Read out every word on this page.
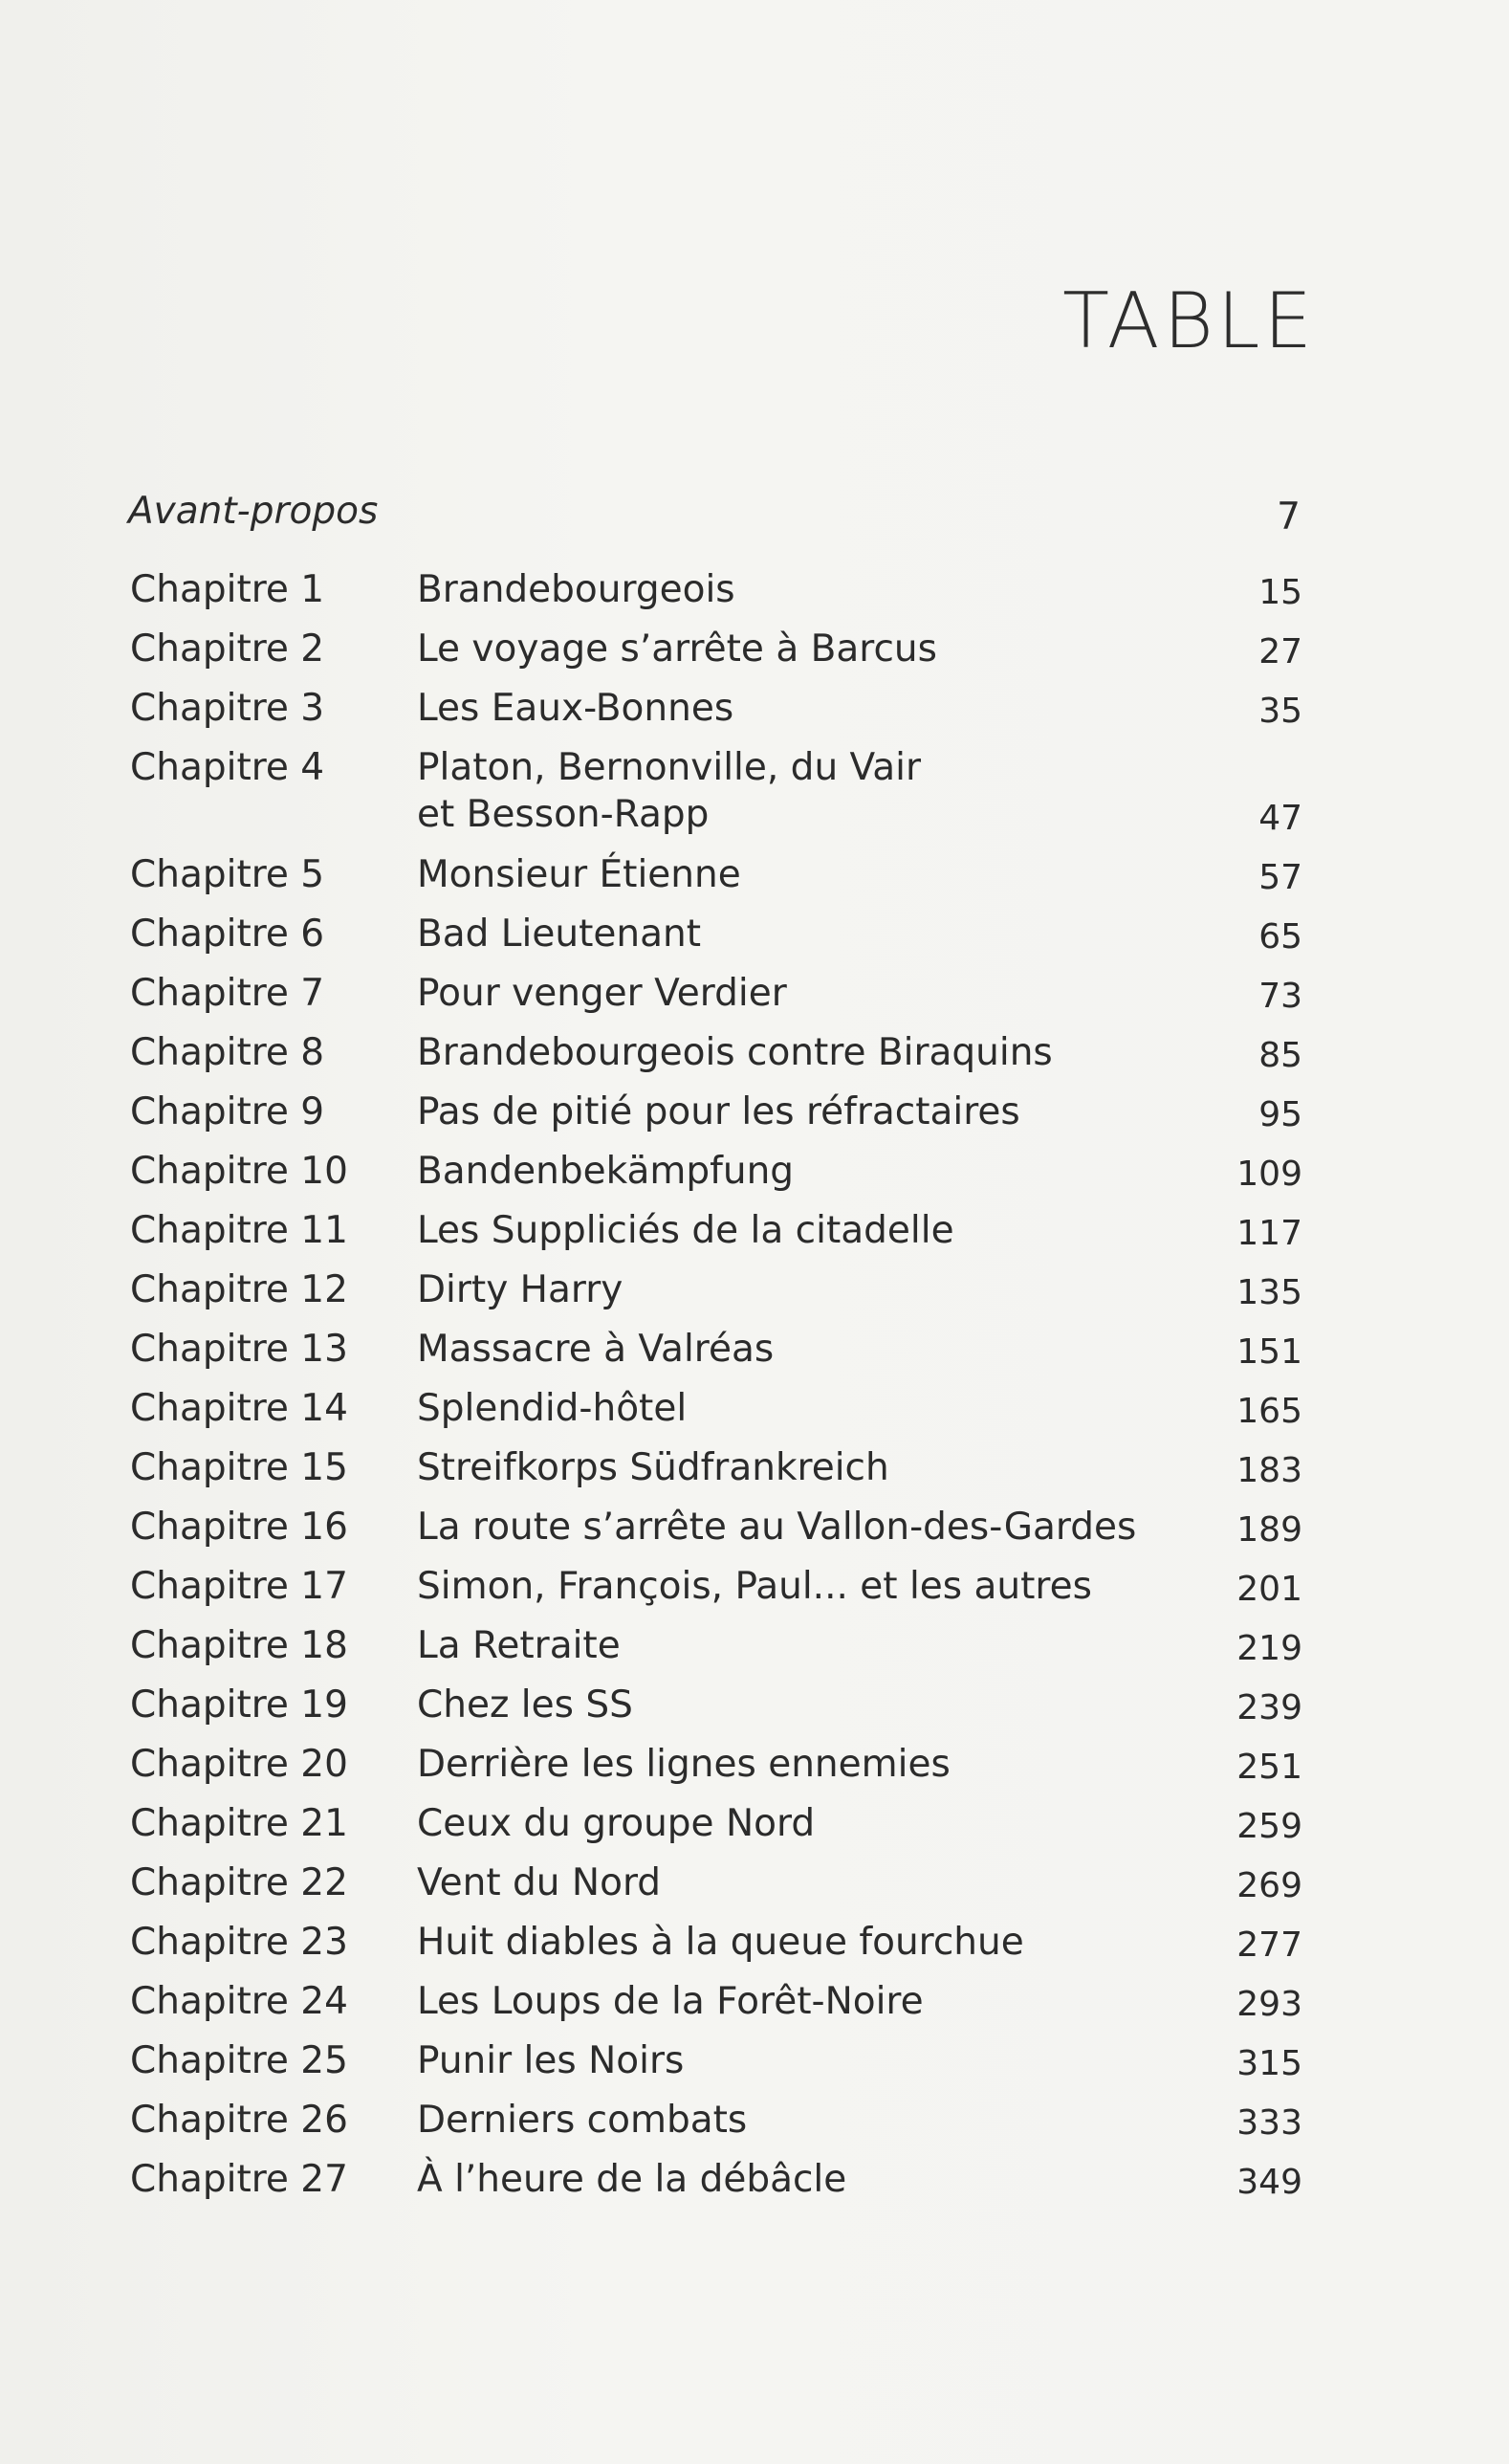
TABLE
Avant-propos	7
Chapitre 1	Brandebourgeois	15
Chapitre 2	Le voyage s’arrête à Barcus	27
Chapitre 3	Les Eaux-Bonnes	35
Chapitre 4	Platon, Bernonville, du Vair
et Besson-Rapp	47
Chapitre 5	Monsieur Étienne	57
Chapitre 6	Bad Lieutenant	65
Chapitre 7	Pour venger Verdier	73
Chapitre 8	Brandebourgeois contre Biraquins	85
Chapitre 9	Pas de pitié pour les réfractaires	95
Chapitre 10	Bandenbekämpfung	109
Chapitre 11	Les Suppliciés de la citadelle	117
Chapitre 12	Dirty Harry	135
Chapitre 13	Massacre à Valréas	151
Chapitre 14	Splendid-hôtel	165
Chapitre 15	Streifkorps Südfrankreich	183
Chapitre 16	La route s’arrête au Vallon-des-Gardes	189
Chapitre 17	Simon, François, Paul... et les autres	201
Chapitre 18	La Retraite	219
Chapitre 19	Chez les SS	239
Chapitre 20	Derrière les lignes ennemies	251
Chapitre 21	Ceux du groupe Nord	259
Chapitre 22	Vent du Nord	269
Chapitre 23	Huit diables à la queue fourchue	277
Chapitre 24	Les Loups de la Forêt-Noire	293
Chapitre 25	Punir les Noirs	315
Chapitre 26	Derniers combats	333
Chapitre 27	À l’heure de la débâcle	349
